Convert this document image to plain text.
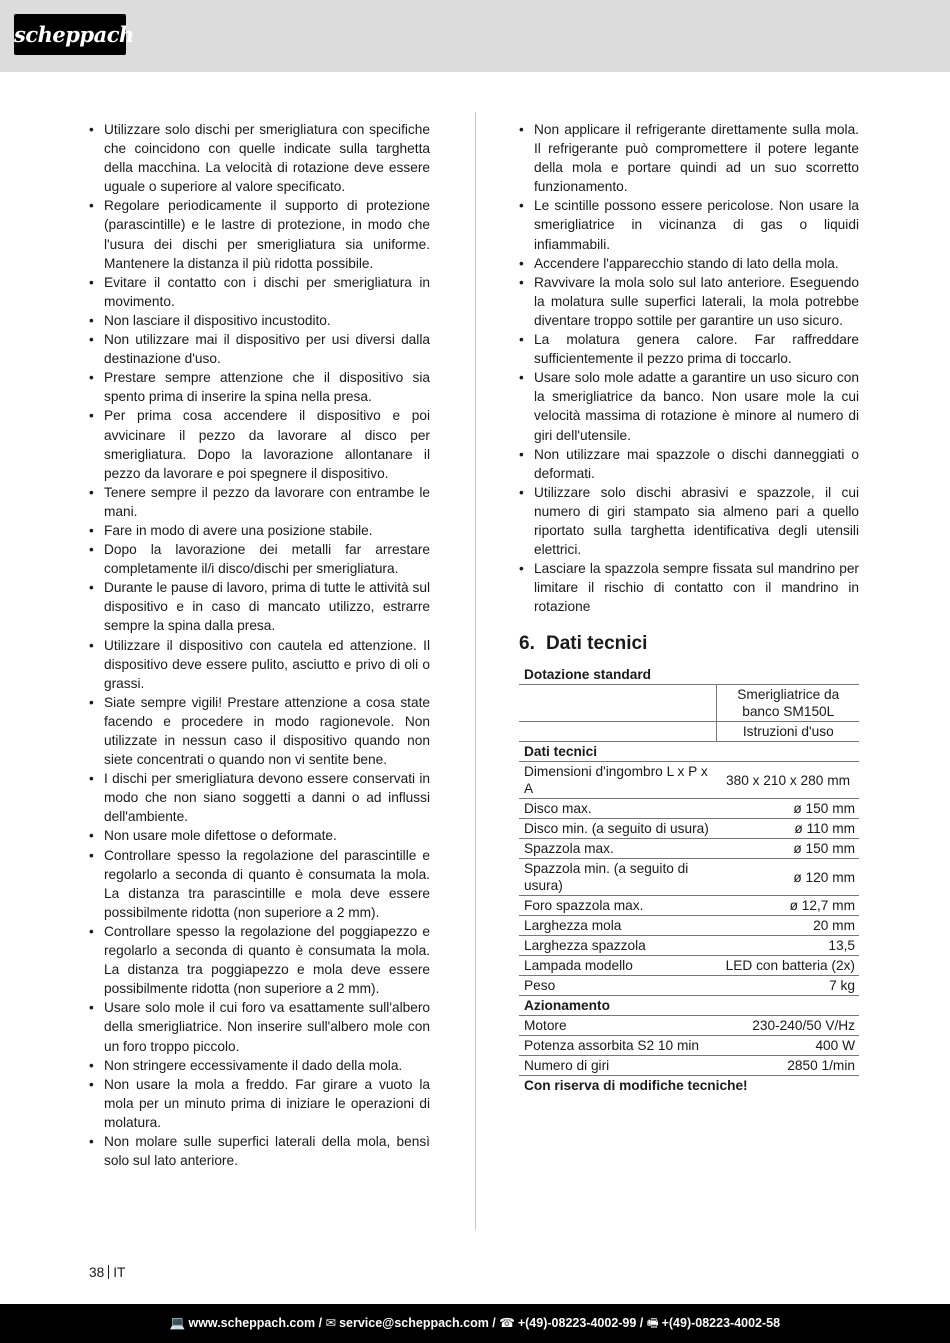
scheppach
• Utilizzare solo dischi per smerigliatura con specifiche che coincidono con quelle indicate sulla targhetta della macchina. La velocità di rotazione deve essere uguale o superiore al valore specificato.
• Regolare periodicamente il supporto di protezione (parascintille) e le lastre di protezione, in modo che l'usura dei dischi per smerigliatura sia uniforme. Mantenere la distanza il più ridotta possibile.
• Evitare il contatto con i dischi per smerigliatura in movimento.
• Non lasciare il dispositivo incustodito.
• Non utilizzare mai il dispositivo per usi diversi dalla destinazione d'uso.
• Prestare sempre attenzione che il dispositivo sia spento prima di inserire la spina nella presa.
• Per prima cosa accendere il dispositivo e poi avvicinare il pezzo da lavorare al disco per smerigliatura. Dopo la lavorazione allontanare il pezzo da lavorare e poi spegnere il dispositivo.
• Tenere sempre il pezzo da lavorare con entrambe le mani.
• Fare in modo di avere una posizione stabile.
• Dopo la lavorazione dei metalli far arrestare completamente il/i disco/dischi per smerigliatura.
• Durante le pause di lavoro, prima di tutte le attività sul dispositivo e in caso di mancato utilizzo, estrarre sempre la spina dalla presa.
• Utilizzare il dispositivo con cautela ed attenzione. Il dispositivo deve essere pulito, asciutto e privo di oli o grassi.
• Siate sempre vigili! Prestare attenzione a cosa state facendo e procedere in modo ragionevole. Non utilizzate in nessun caso il dispositivo quando non siete concentrati o quando non vi sentite bene.
• I dischi per smerigliatura devono essere conservati in modo che non siano soggetti a danni o ad influssi dell'ambiente.
• Non usare mole difettose o deformate.
• Controllare spesso la regolazione del parascintille e regolarlo a seconda di quanto è consumata la mola. La distanza tra parascintille e mola deve essere possibilmente ridotta (non superiore a 2 mm).
• Controllare spesso la regolazione del poggiapezzo e regolarlo a seconda di quanto è consumata la mola. La distanza tra poggiapezzo e mola deve essere possibilmente ridotta (non superiore a 2 mm).
• Usare solo mole il cui foro va esattamente sull'albero della smerigliatrice. Non inserire sull'albero mole con un foro troppo piccolo.
• Non stringere eccessivamente il dado della mola.
• Non usare la mola a freddo. Far girare a vuoto la mola per un minuto prima di iniziare le operazioni di molatura.
• Non molare sulle superfici laterali della mola, bensì solo sul lato anteriore.
• Non applicare il refrigerante direttamente sulla mola. Il refrigerante può compromettere il potere legante della mola e portare quindi ad un suo scorretto funzionamento.
• Le scintille possono essere pericolose. Non usare la smerigliatrice in vicinanza di gas o liquidi infiammabili.
• Accendere l'apparecchio stando di lato della mola.
• Ravvivare la mola solo sul lato anteriore. Eseguendo la molatura sulle superfici laterali, la mola potrebbe diventare troppo sottile per garantire un uso sicuro.
• La molatura genera calore. Far raffreddare sufficientemente il pezzo prima di toccarlo.
• Usare solo mole adatte a garantire un uso sicuro con la smerigliatrice da banco. Non usare mole la cui velocità massima di rotazione è minore al numero di giri dell'utensile.
• Non utilizzare mai spazzole o dischi danneggiati o deformati.
• Utilizzare solo dischi abrasivi e spazzole, il cui numero di giri stampato sia almeno pari a quello riportato sulla targhetta identificativa degli utensili elettrici.
• Lasciare la spazzola sempre fissata sul mandrino per limitare il rischio di contatto con il mandrino in rotazione
6. Dati tecnici
Dotazione standard	
	Smerigliatrice da banco SM150L
	Istruzioni d'uso
Dati tecnici	
Dimensioni d'ingombro L x P x A	380 x 210 x 280 mm
Disco max.	ø 150 mm
Disco min. (a seguito di usura)	ø 110 mm
Spazzola max.	ø 150 mm
Spazzola min. (a seguito di usura)	ø 120 mm
Foro spazzola max.	ø 12,7 mm
Larghezza mola	20 mm
Larghezza spazzola	13,5
Lampada modello	LED con batteria (2x)
Peso	7 kg
Azionamento	
Motore	230-240/50 V/Hz
Potenza assorbita S2 10 min	400 W
Numero di giri	2850 1/min
Con riserva di modifiche tecniche!	
38 IT
💻 www.scheppach.com / ✉ service@scheppach.com / ☎ +(49)-08223-4002-99 / 🖷 +(49)-08223-4002-58
